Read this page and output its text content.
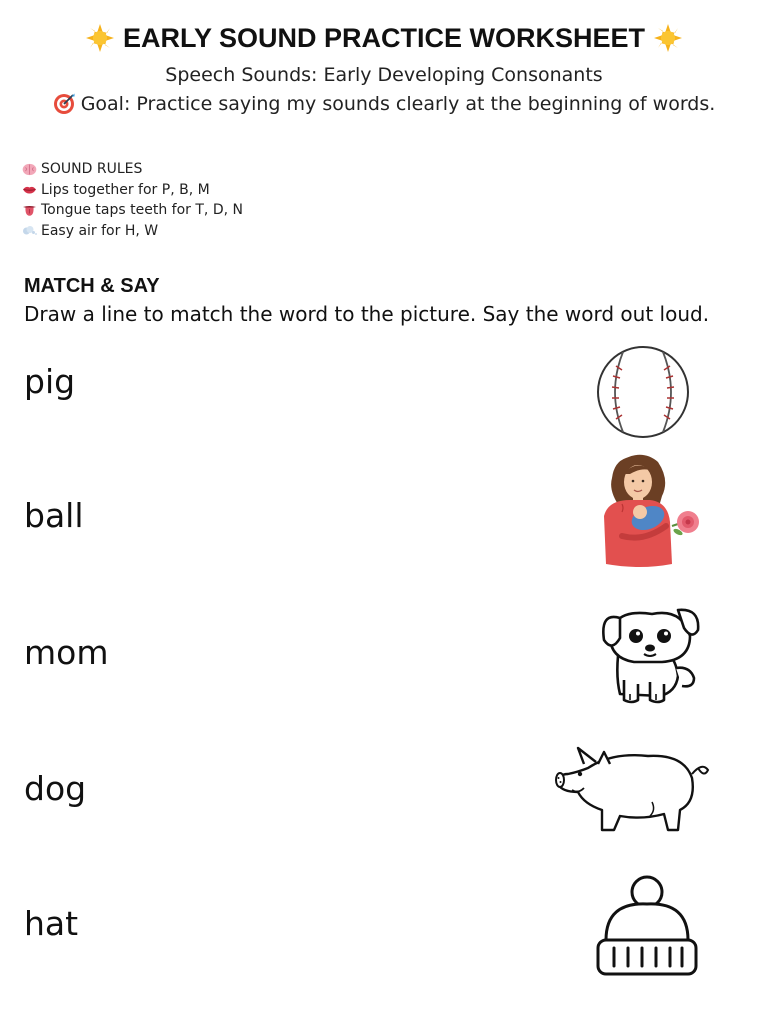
EARLY SOUND PRACTICE WORKSHEET
Speech Sounds: Early Developing Consonants
Goal: Practice saying my sounds clearly at the beginning of words.
SOUND RULES
Lips together for P, B, M
Tongue taps teeth for T, D, N
Easy air for H, W
MATCH & SAY
Draw a line to match the word to the picture. Say the word out loud.
pig
ball
mom
dog
hat
